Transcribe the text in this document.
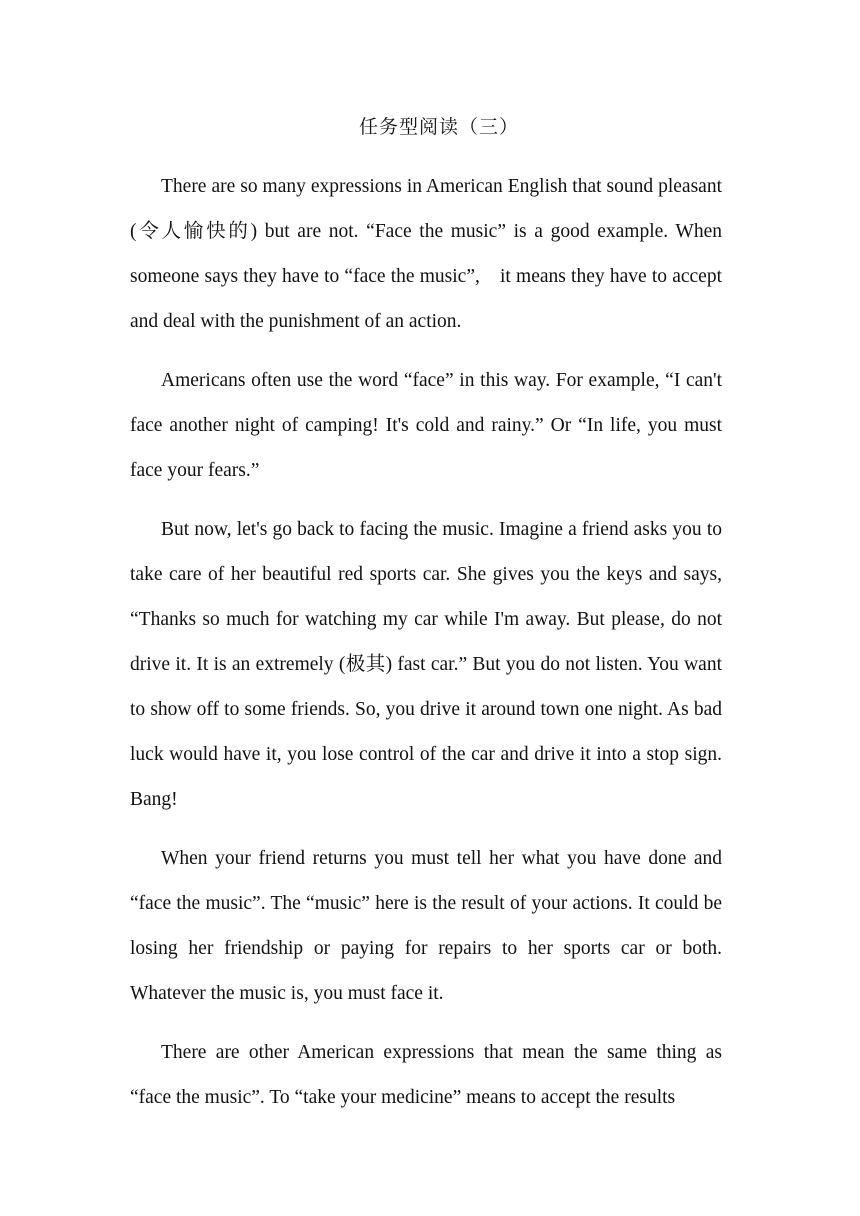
任务型阅读（三）

There are so many expressions in American English that sound pleasant (令人愉快的) but are not. “Face the music” is a good example. When someone says they have to “face the music”,　it means they have to accept and deal with the punishment of an action.

Americans often use the word “face” in this way. For example, “I can't face another night of camping! It's cold and rainy.” Or “In life, you must face your fears.”

But now, let's go back to facing the music. Imagine a friend asks you to take care of her beautiful red sports car. She gives you the keys and says, “Thanks so much for watching my car while I'm away. But please, do not drive it. It is an extremely (极其) fast car.” But you do not listen. You want to show off to some friends. So, you drive it around town one night. As bad luck would have it, you lose control of the car and drive it into a stop sign. Bang!

When your friend returns you must tell her what you have done and “face the music”. The “music” here is the result of your actions. It could be losing her friendship or paying for repairs to her sports car or both. Whatever the music is, you must face it.

There are other American expressions that mean the same thing as “face the music”. To “take your medicine” means to accept the results
